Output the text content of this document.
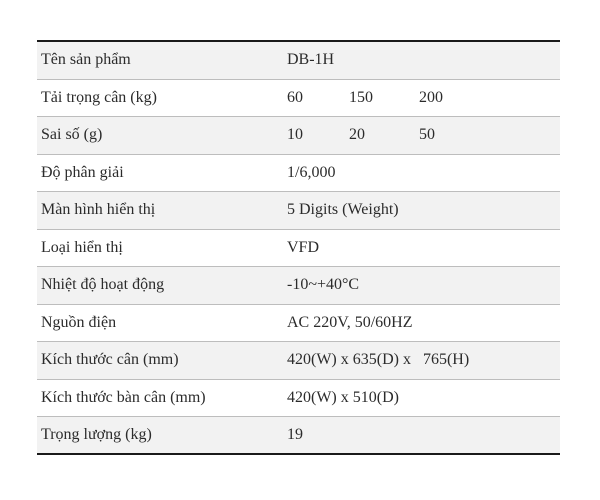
Tên sản phẩm	DB-1H
Tải trọng cân (kg)	60	150	200
Sai số (g)	10	20	50
Độ phân giải	1/6,000
Màn hình hiển thị	5 Digits (Weight)
Loại hiển thị	VFD
Nhiệt độ hoạt động	-10~+40°C
Nguồn điện	AC 220V, 50/60HZ
Kích thước cân (mm)	420(W) x 635(D) x   765(H)
Kích thước bàn cân (mm)	420(W) x 510(D)
Trọng lượng (kg)	19
